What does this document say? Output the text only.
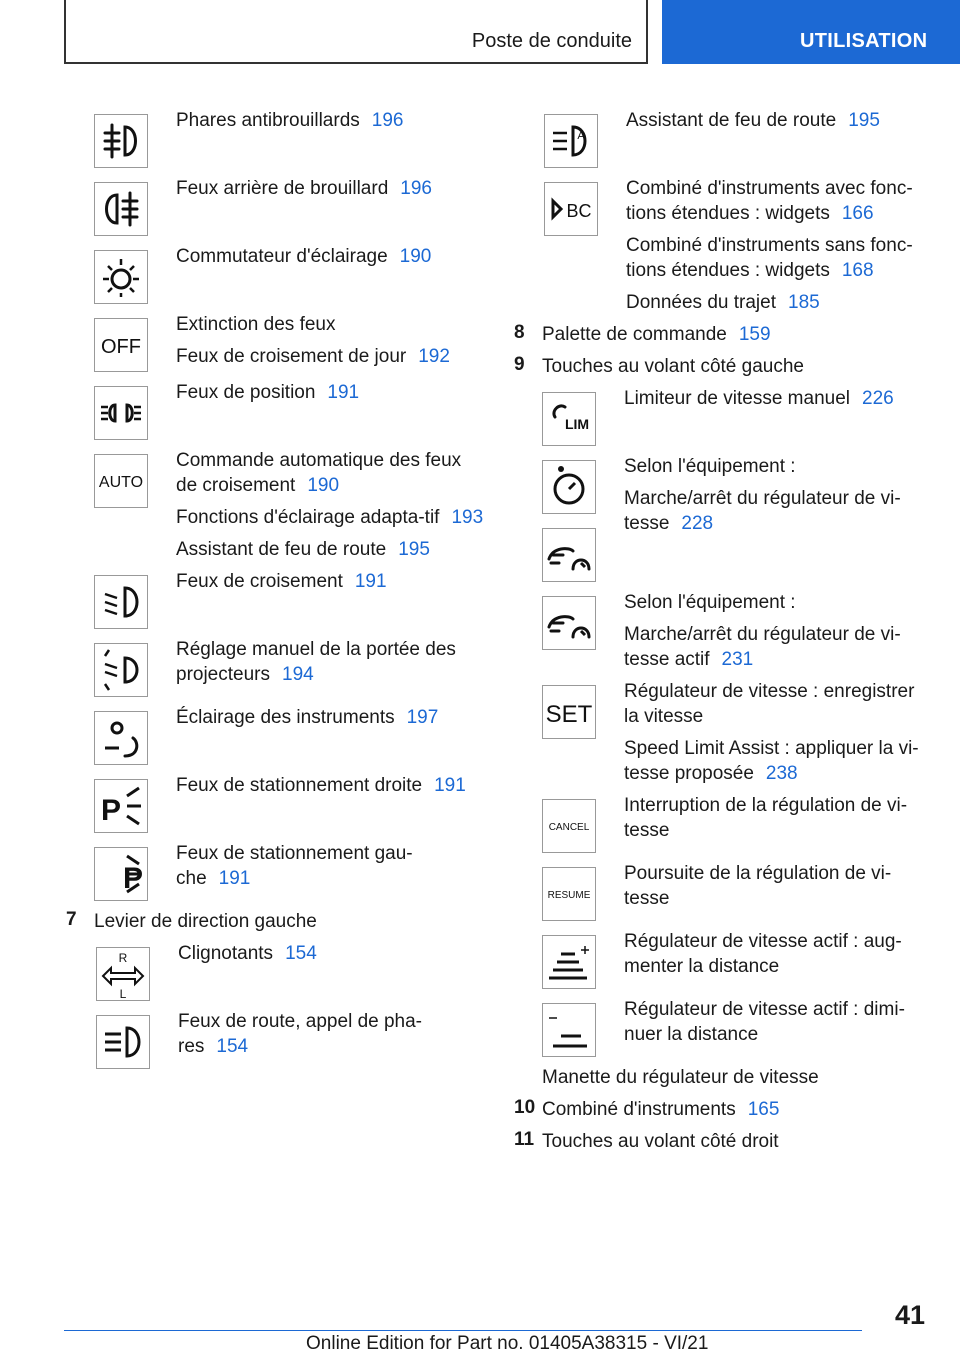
Poste de conduite	UTILISATION

Phares antibrouillards 196

Feux arrière de brouillard 196

Commutateur d'éclairage 190

OFF

Extinction des feux

Feux de croisement de jour 192

Feux de position 191

AUTO

Commande automatique des feux de croisement 190

Fonctions d'éclairage adapta-tif 193

Assistant de feu de route 195

Feux de croisement 191

Réglage manuel de la portée des projecteurs 194

Éclairage des instruments 197

P

Feux de stationnement droite 191

P

Feux de stationnement gau-che 191

7 Levier de direction gauche

R
L

Clignotants 154

Feux de route, appel de pha-res 154

A

Assistant de feu de route 195

BC

Combiné d'instruments avec fonc-tions étendues : widgets 166

Combiné d'instruments sans fonc-tions étendues : widgets 168

Données du trajet 185

8 Palette de commande 159

9 Touches au volant côté gauche

LIM

Limiteur de vitesse manuel 226

Selon l'équipement :

Marche/arrêt du régulateur de vi-tesse 228

Selon l'équipement :

Marche/arrêt du régulateur de vi-tesse actif 231

SET

Régulateur de vitesse : enregistrer la vitesse

Speed Limit Assist : appliquer la vi-tesse proposée 238

CANCEL

Interruption de la régulation de vi-tesse

RESUME

Poursuite de la régulation de vi-tesse

Régulateur de vitesse actif : aug-menter la distance

Régulateur de vitesse actif : dimi-nuer la distance

Manette du régulateur de vitesse

10 Combiné d'instruments 165

11 Touches au volant côté droit

41
Online Edition for Part no. 01405A38315 - VI/21
